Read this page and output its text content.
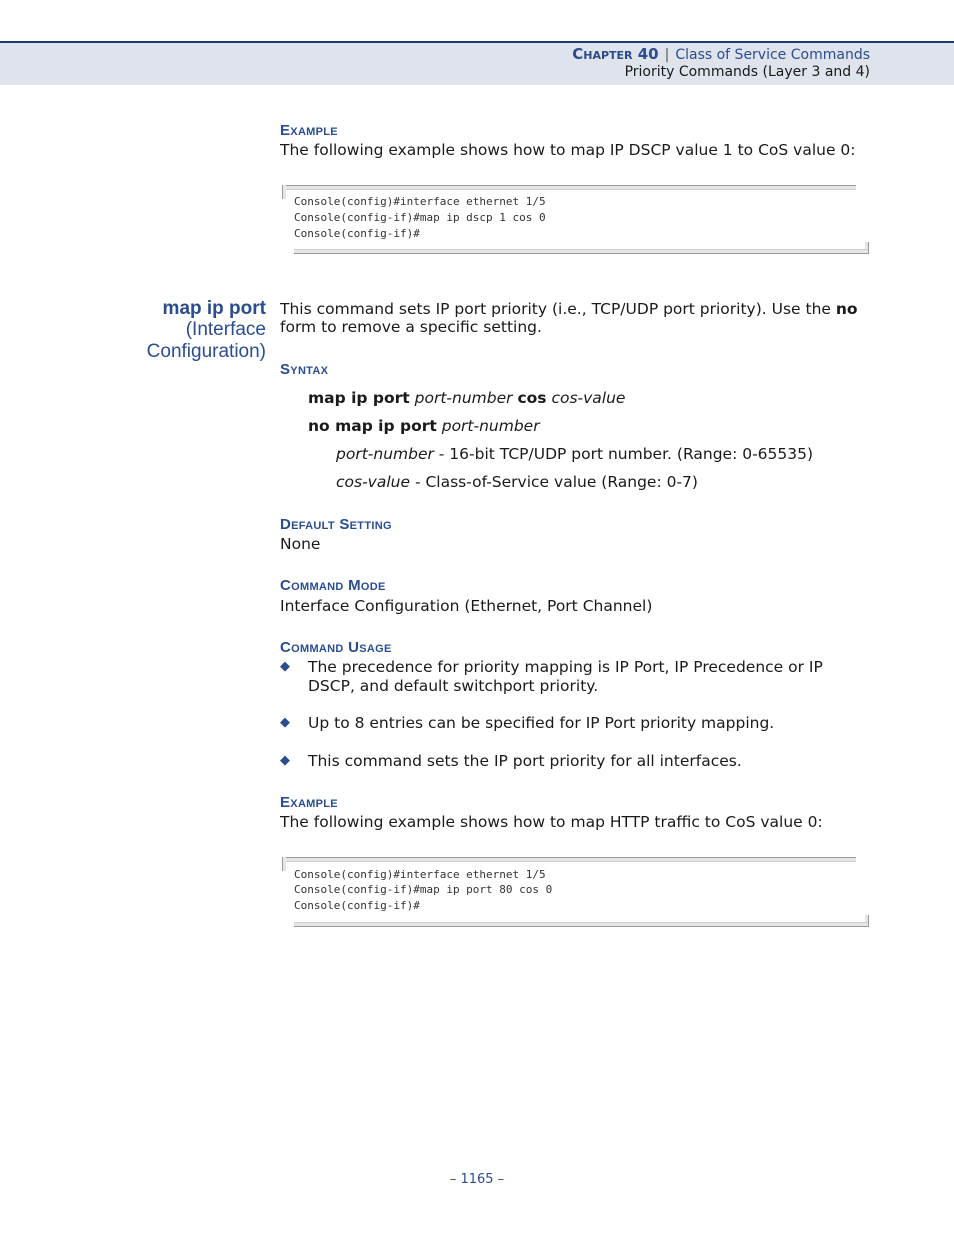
Chapter 40 | Class of Service Commands
Priority Commands (Layer 3 and 4)
Example
The following example shows how to map IP DSCP value 1 to CoS value 0:
Console(config)#interface ethernet 1/5
Console(config-if)#map ip dscp 1 cos 0
Console(config-if)#
map ip port
(Interface
Configuration)
This command sets IP port priority (i.e., TCP/UDP port priority). Use the no
form to remove a specific setting.
Syntax
map ip port port-number cos cos-value
no map ip port port-number
port-number - 16-bit TCP/UDP port number. (Range: 0-65535)
cos-value - Class-of-Service value (Range: 0-7)
Default Setting
None
Command Mode
Interface Configuration (Ethernet, Port Channel)
Command Usage
◆ The precedence for priority mapping is IP Port, IP Precedence or IP DSCP, and default switchport priority.
◆ Up to 8 entries can be specified for IP Port priority mapping.
◆ This command sets the IP port priority for all interfaces.
Example
The following example shows how to map HTTP traffic to CoS value 0:
Console(config)#interface ethernet 1/5
Console(config-if)#map ip port 80 cos 0
Console(config-if)#
– 1165 –
